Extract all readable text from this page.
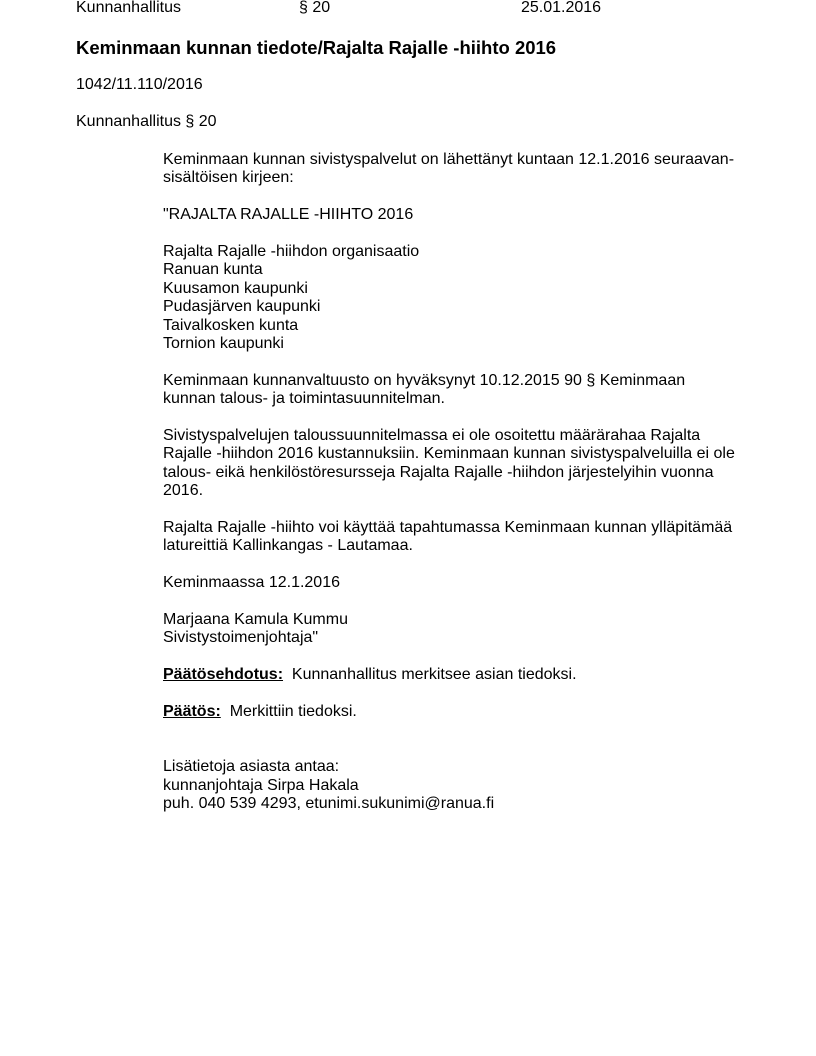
Kunnanhallitus	§ 20	25.01.2016
Keminmaan kunnan tiedote/Rajalta Rajalle -hiihto 2016
1042/11.110/2016
Kunnanhallitus § 20

Keminmaan kunnan sivistyspalvelut on lähettänyt kuntaan 12.1.2016 seuraavan-

sisältöisen kirjeen:

"RAJALTA RAJALLE -HIIHTO 2016

Rajalta Rajalle -hiihdon organisaatio

Ranuan kunta

Kuusamon kaupunki

Pudasjärven kaupunki

Taivalkosken kunta

Tornion kaupunki

Keminmaan kunnanvaltuusto on hyväksynyt 10.12.2015 90 § Keminmaan

kunnan talous- ja toimintasuunnitelman.

Sivistyspalvelujen taloussuunnitelmassa ei ole osoitettu määrärahaa Rajalta

Rajalle -hiihdon 2016 kustannuksiin. Keminmaan kunnan sivistyspalveluilla ei ole

talous- eikä henkilöstöresursseja Rajalta Rajalle -hiihdon järjestelyihin vuonna

2016.

Rajalta Rajalle -hiihto voi käyttää tapahtumassa Keminmaan kunnan ylläpitämää

latureittiä Kallinkangas - Lautamaa.

Keminmaassa 12.1.2016

Marjaana Kamula Kummu

Sivistystoimenjohtaja"

Päätösehdotus: Kunnanhallitus merkitsee asian tiedoksi.

Päätös: Merkittiin tiedoksi.

Lisätietoja asiasta antaa:

kunnanjohtaja Sirpa Hakala

puh. 040 539 4293, etunimi.sukunimi@ranua.fi
